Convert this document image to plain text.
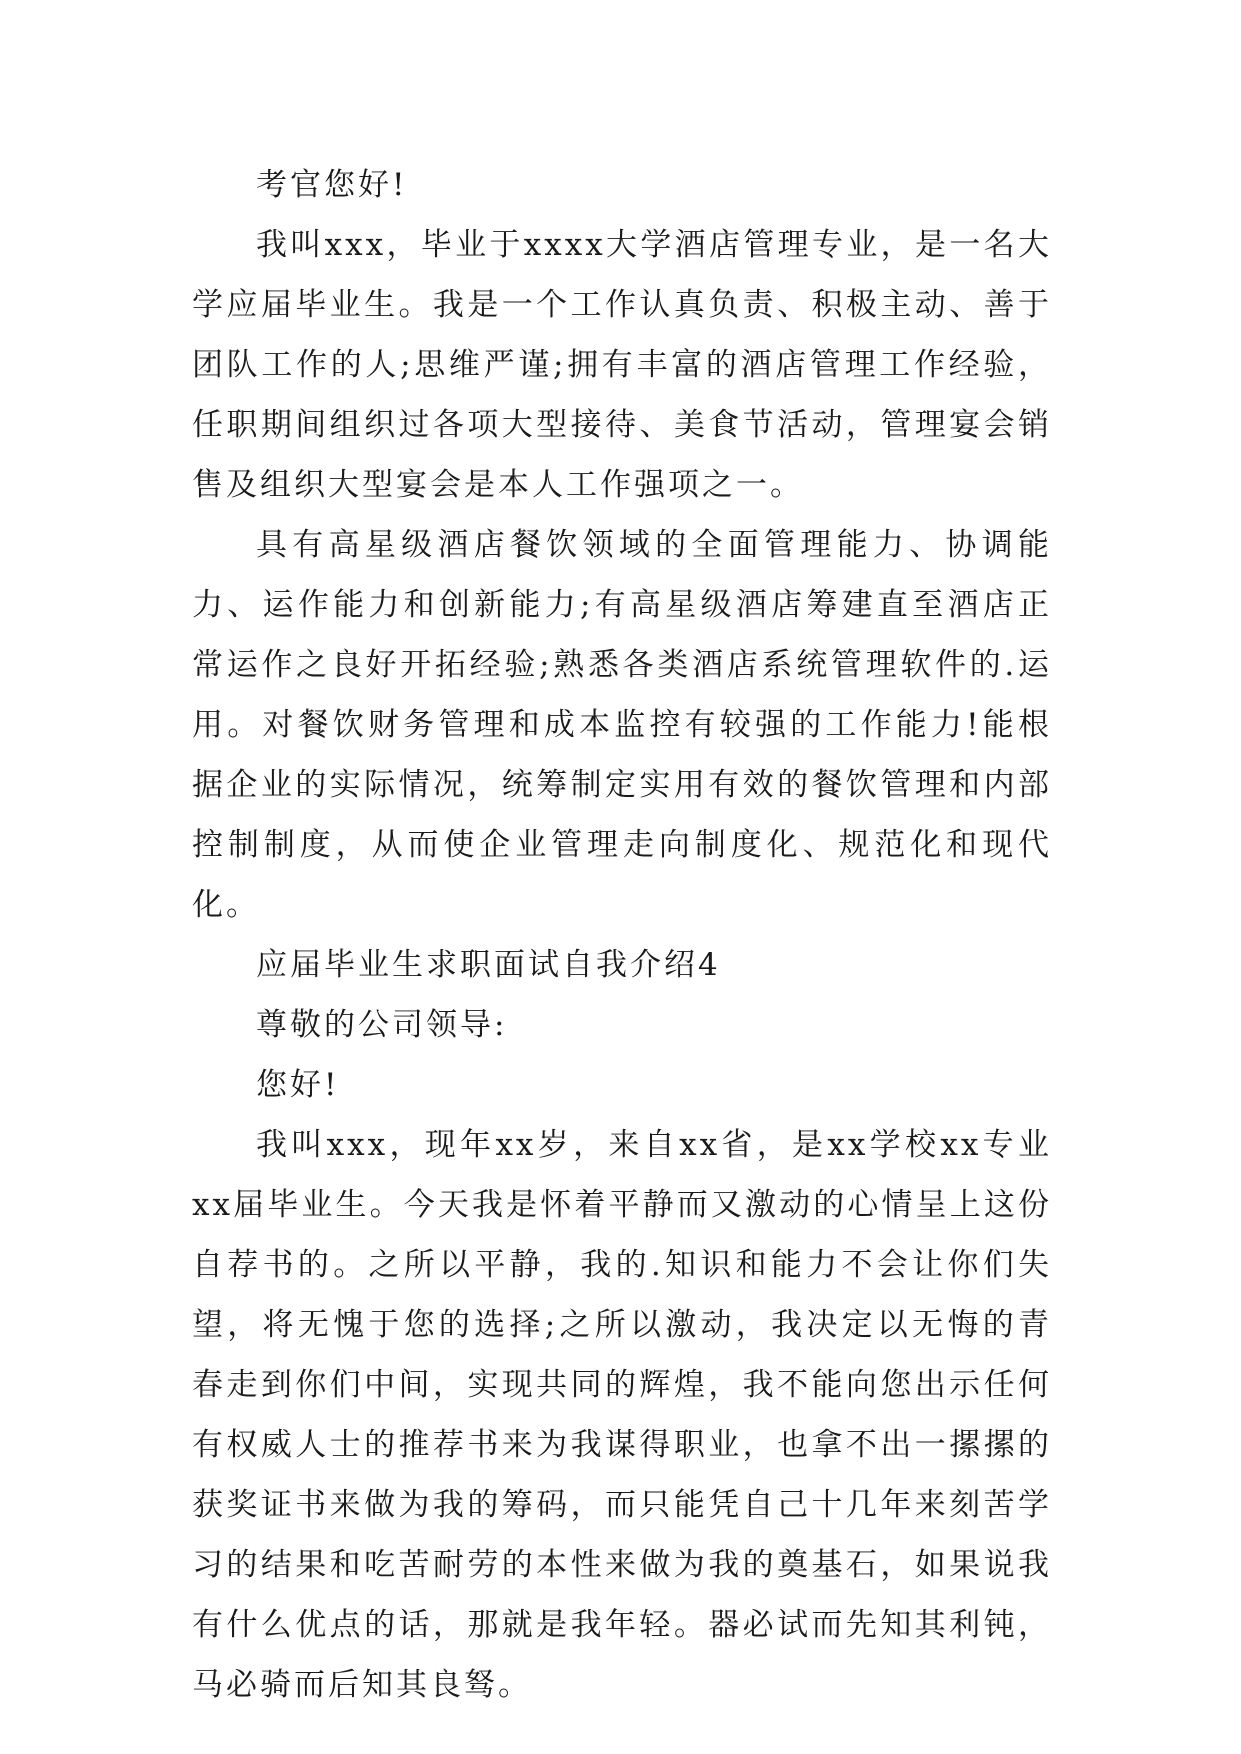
考官您好!

我叫xxx，毕业于xxxx大学酒店管理专业，是一名大学应届毕业生。我是一个工作认真负责、积极主动、善于团队工作的人;思维严谨;拥有丰富的酒店管理工作经验，任职期间组织过各项大型接待、美食节活动，管理宴会销售及组织大型宴会是本人工作强项之一。

具有高星级酒店餐饮领域的全面管理能力、协调能力、运作能力和创新能力;有高星级酒店筹建直至酒店正常运作之良好开拓经验;熟悉各类酒店系统管理软件的.运用。对餐饮财务管理和成本监控有较强的工作能力!能根据企业的实际情况，统筹制定实用有效的餐饮管理和内部控制制度，从而使企业管理走向制度化、规范化和现代化。

应届毕业生求职面试自我介绍4

尊敬的公司领导:

您好!

我叫xxx，现年xx岁，来自xx省，是xx学校xx专业xx届毕业生。今天我是怀着平静而又激动的心情呈上这份自荐书的。之所以平静，我的.知识和能力不会让你们失望，将无愧于您的选择;之所以激动，我决定以无悔的青春走到你们中间，实现共同的辉煌，我不能向您出示任何有权威人士的推荐书来为我谋得职业，也拿不出一摞摞的获奖证书来做为我的筹码，而只能凭自己十几年来刻苦学习的结果和吃苦耐劳的本性来做为我的奠基石，如果说我有什么优点的话，那就是我年轻。器必试而先知其利钝，马必骑而后知其良驽。
